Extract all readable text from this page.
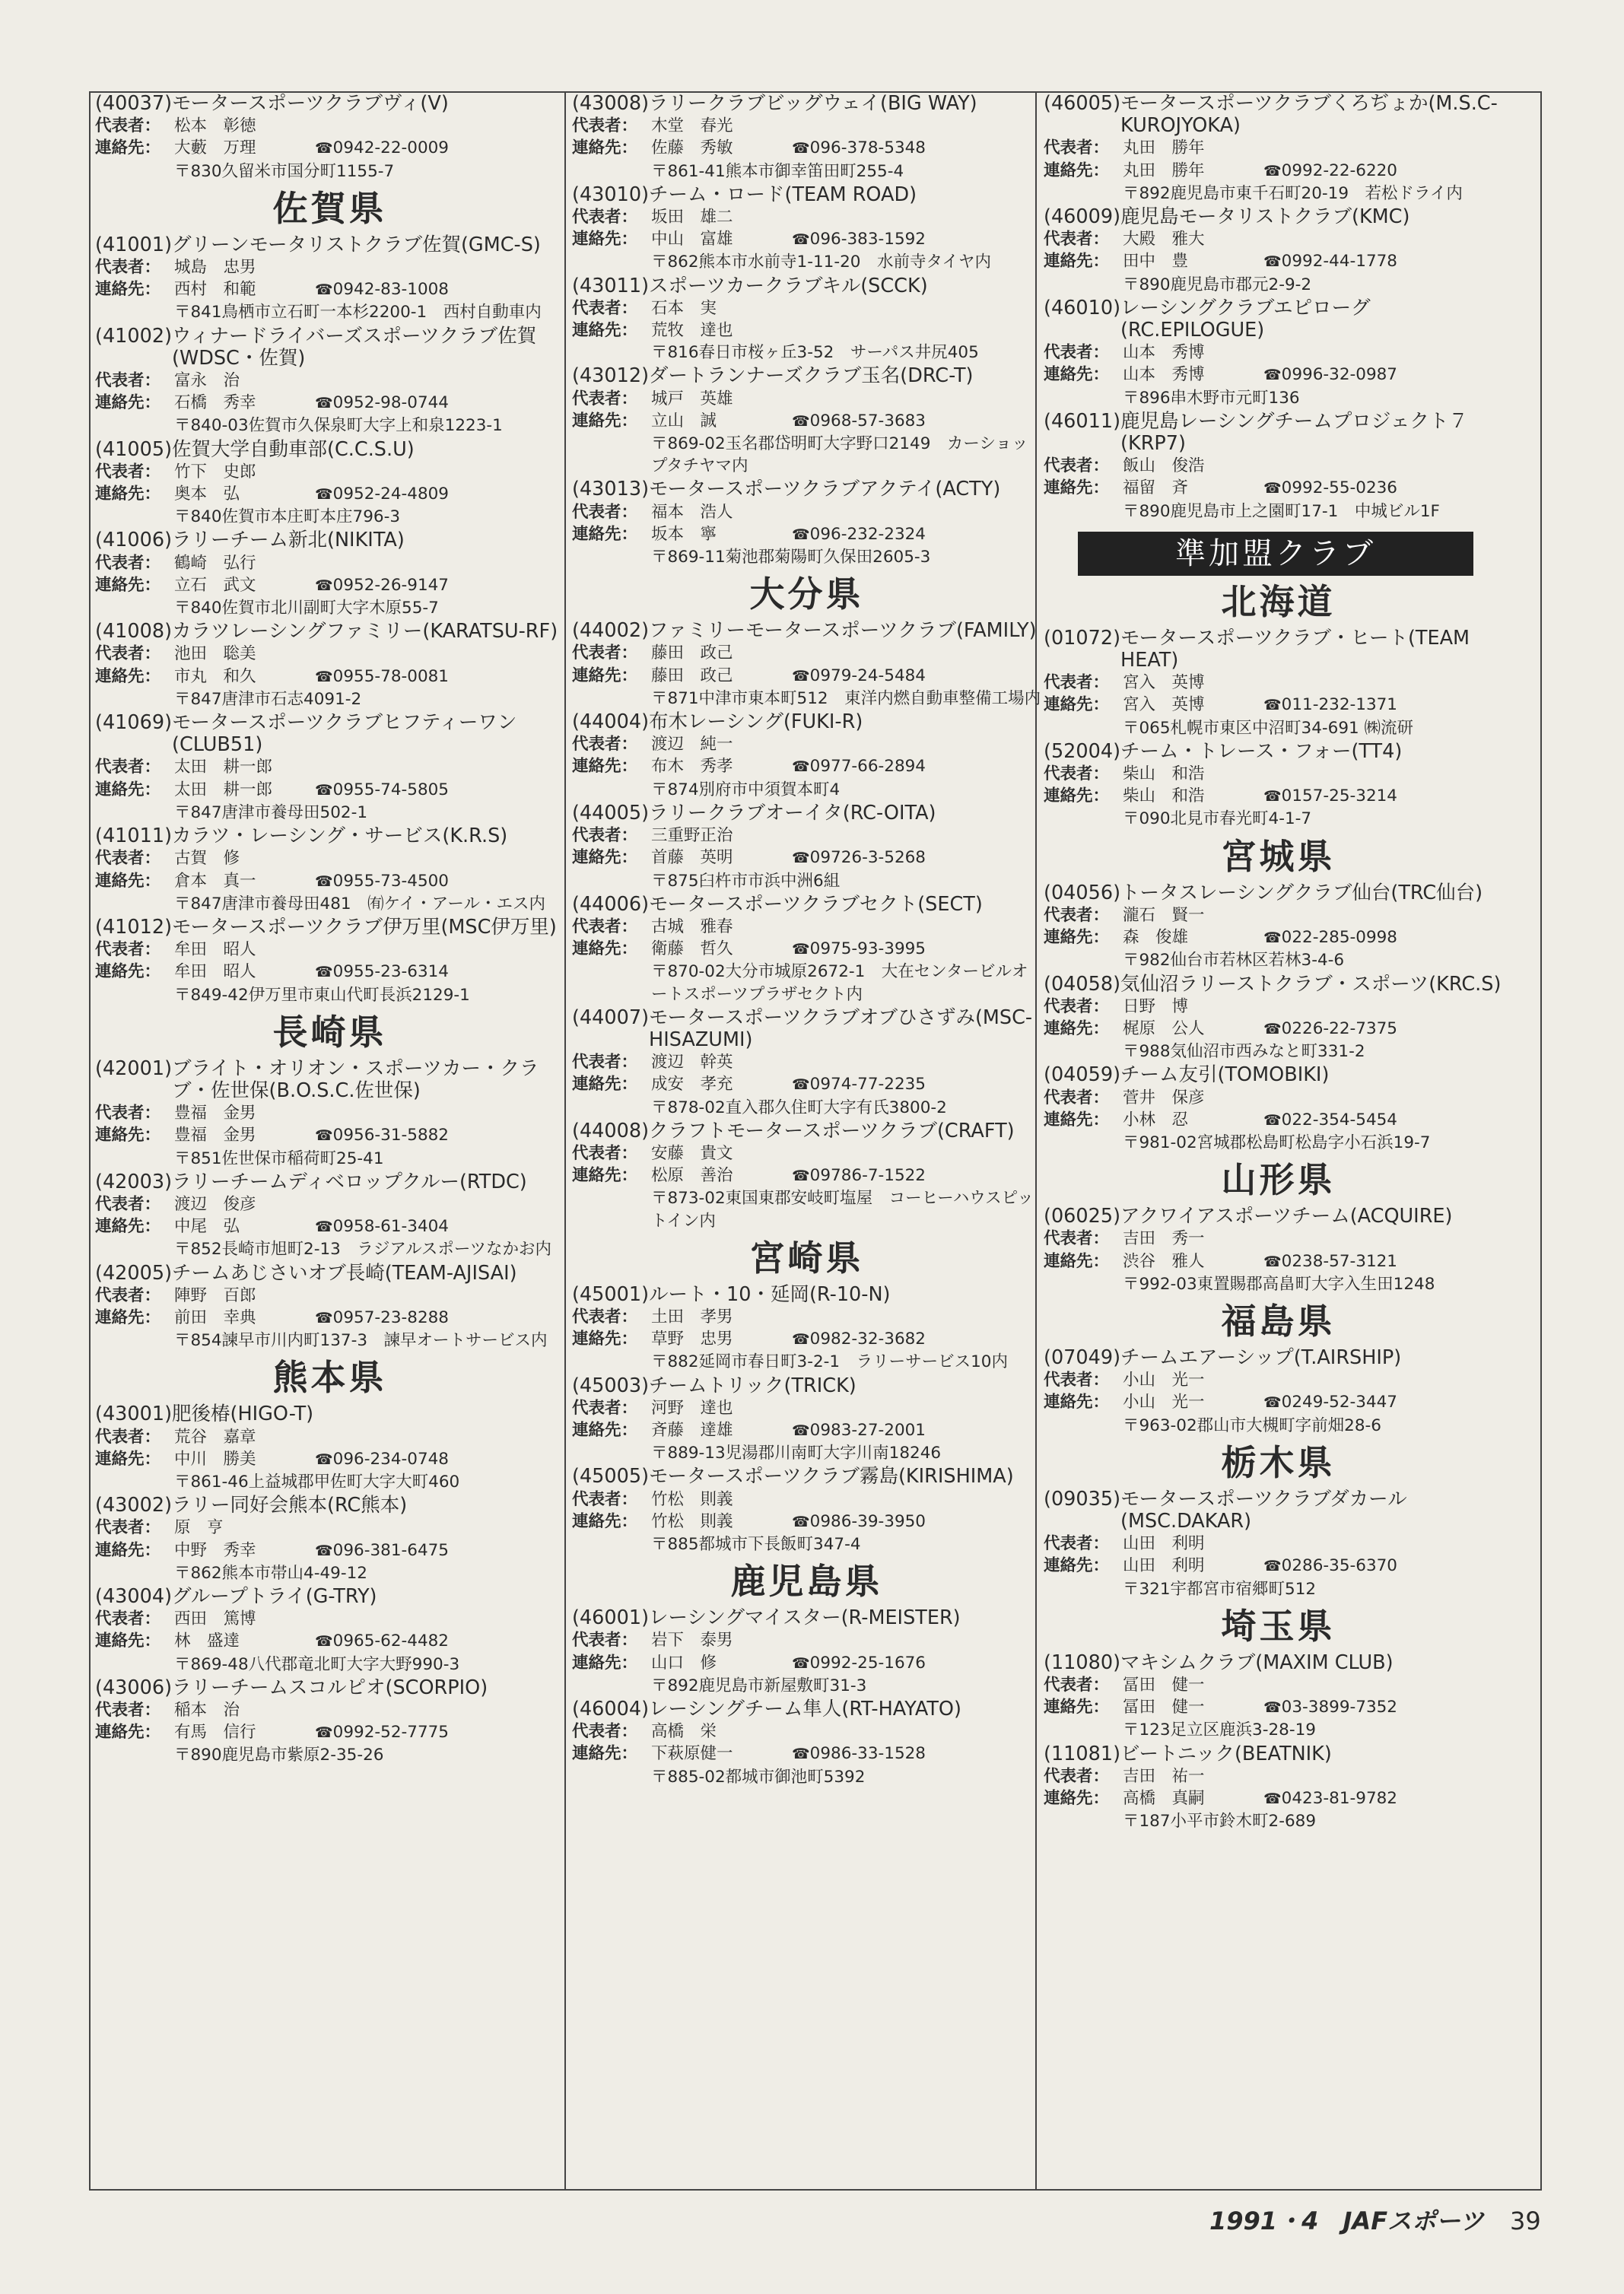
(40037) モータースポーツクラブヴィ(V)
代表者： 松本　彰徳
連絡先： 大藪　万理	☎ 0942-22-0009
〒830久留米市国分町1155-7
佐賀県
(41001) グリーンモータリストクラブ佐賀(GMC-S)
代表者： 城島　忠男
連絡先： 西村　和範	☎ 0942-83-1008
〒841鳥栖市立石町一本杉2200-1　西村自動車内
(41002) ウィナードライバーズスポーツクラブ佐賀(WDSC・佐賀)
代表者： 富永　治
連絡先： 石橋　秀幸	☎ 0952-98-0744
〒840-03佐賀市久保泉町大字上和泉1223-1
(41005) 佐賀大学自動車部(C.C.S.U)
代表者： 竹下　史郎
連絡先： 奥本　弘	☎ 0952-24-4809
〒840佐賀市本庄町本庄796-3
(41006) ラリーチーム新北(NIKITA)
代表者： 鶴崎　弘行
連絡先： 立石　武文	☎ 0952-26-9147
〒840佐賀市北川副町大字木原55-7
(41008) カラツレーシングファミリー(KARATSU-RF)
代表者： 池田　聡美
連絡先： 市丸　和久	☎ 0955-78-0081
〒847唐津市石志4091-2
(41069) モータースポーツクラブヒフティーワン(CLUB51)
代表者： 太田　耕一郎
連絡先： 太田　耕一郎	☎ 0955-74-5805
〒847唐津市養母田502-1
(41011) カラツ・レーシング・サービス(K.R.S)
代表者： 古賀　修
連絡先： 倉本　真一	☎ 0955-73-4500
〒847唐津市養母田481　㈲ケイ・アール・エス内
(41012) モータースポーツクラブ伊万里(MSC伊万里)
代表者： 牟田　昭人
連絡先： 牟田　昭人	☎ 0955-23-6314
〒849-42伊万里市東山代町長浜2129-1
長崎県
(42001) ブライト・オリオン・スポーツカー・クラブ・佐世保(B.O.S.C.佐世保)
代表者： 豊福　金男
連絡先： 豊福　金男	☎ 0956-31-5882
〒851佐世保市稲荷町25-41
(42003) ラリーチームディベロップクルー(RTDC)
代表者： 渡辺　俊彦
連絡先： 中尾　弘	☎ 0958-61-3404
〒852長崎市旭町2-13　ラジアルスポーツなかお内
(42005) チームあじさいオブ長崎(TEAM-AJISAI)
代表者： 陣野　百郎
連絡先： 前田　幸典	☎ 0957-23-8288
〒854諫早市川内町137-3　諫早オートサービス内
熊本県
(43001) 肥後椿(HIGO-T)
代表者： 荒谷　嘉章
連絡先： 中川　勝美	☎ 096-234-0748
〒861-46上益城郡甲佐町大字大町460
(43002) ラリー同好会熊本(RC熊本)
代表者： 原　亨
連絡先： 中野　秀幸	☎ 096-381-6475
〒862熊本市帯山4-49-12
(43004) グループトライ(G-TRY)
代表者： 西田　篤博
連絡先： 林　盛達	☎ 0965-62-4482
〒869-48八代郡竜北町大字大野990-3
(43006) ラリーチームスコルピオ(SCORPIO)
代表者： 稲本　治
連絡先： 有馬　信行	☎ 0992-52-7775
〒890鹿児島市紫原2-35-26
(43008) ラリークラブビッグウェイ(BIG WAY)
代表者： 木堂　春光
連絡先： 佐藤　秀敏	☎ 096-378-5348
〒861-41熊本市御幸笛田町255-4
(43010) チーム・ロード(TEAM ROAD)
代表者： 坂田　雄二
連絡先： 中山　富雄	☎ 096-383-1592
〒862熊本市水前寺1-11-20　水前寺タイヤ内
(43011) スポーツカークラブキル(SCCK)
代表者： 石本　実
連絡先： 荒牧　達也
〒816春日市桜ヶ丘3-52　サーパス井尻405
(43012) ダートランナーズクラブ玉名(DRC-T)
代表者： 城戸　英雄
連絡先： 立山　誠	☎ 0968-57-3683
〒869-02玉名郡岱明町大字野口2149　カーショップタチヤマ内
(43013) モータースポーツクラブアクテイ(ACTY)
代表者： 福本　浩人
連絡先： 坂本　寧	☎ 096-232-2324
〒869-11菊池郡菊陽町久保田2605-3
大分県
(44002) ファミリーモータースポーツクラブ(FAMILY)
代表者： 藤田　政己
連絡先： 藤田　政己	☎ 0979-24-5484
〒871中津市東本町512　東洋内燃自動車整備工場内
(44004) 布木レーシング(FUKI-R)
代表者： 渡辺　純一
連絡先： 布木　秀孝	☎ 0977-66-2894
〒874別府市中須賀本町4
(44005) ラリークラブオーイタ(RC-OITA)
代表者： 三重野正治
連絡先： 首藤　英明	☎ 09726-3-5268
〒875臼杵市市浜中洲6組
(44006) モータースポーツクラブセクト(SECT)
代表者： 古城　雅春
連絡先： 衛藤　哲久	☎ 0975-93-3995
〒870-02大分市城原2672-1　大在センタービルオートスポーツプラザセクト内
(44007) モータースポーツクラブオブひさずみ(MSC-HISAZUMI)
代表者： 渡辺　幹英
連絡先： 成安　孝充	☎ 0974-77-2235
〒878-02直入郡久住町大字有氏3800-2
(44008) クラフトモータースポーツクラブ(CRAFT)
代表者： 安藤　貴文
連絡先： 松原　善治	☎ 09786-7-1522
〒873-02東国東郡安岐町塩屋　コーヒーハウスピットイン内
宮崎県
(45001) ルート・10・延岡(R-10-N)
代表者： 土田　孝男
連絡先： 草野　忠男	☎ 0982-32-3682
〒882延岡市春日町3-2-1　ラリーサービス10内
(45003) チームトリック(TRICK)
代表者： 河野　達也
連絡先： 斉藤　達雄	☎ 0983-27-2001
〒889-13児湯郡川南町大字川南18246
(45005) モータースポーツクラブ霧島(KIRISHIMA)
代表者： 竹松　則義
連絡先： 竹松　則義	☎ 0986-39-3950
〒885都城市下長飯町347-4
鹿児島県
(46001) レーシングマイスター(R-MEISTER)
代表者： 岩下　泰男
連絡先： 山口　修	☎ 0992-25-1676
〒892鹿児島市新屋敷町31-3
(46004) レーシングチーム隼人(RT-HAYATO)
代表者： 高橋　栄
連絡先： 下萩原健一	☎ 0986-33-1528
〒885-02都城市御池町5392
(46005) モータースポーツクラブくろぢょか(M.S.C-KUROJYOKA)
代表者： 丸田　勝年
連絡先： 丸田　勝年	☎ 0992-22-6220
〒892鹿児島市東千石町20-19　若松ドライ内
(46009) 鹿児島モータリストクラブ(KMC)
代表者： 大殿　雅大
連絡先： 田中　豊	☎ 0992-44-1778
〒890鹿児島市郡元2-9-2
(46010) レーシングクラブエピローグ(RC.EPILOGUE)
代表者： 山本　秀博
連絡先： 山本　秀博	☎ 0996-32-0987
〒896串木野市元町136
(46011) 鹿児島レーシングチームプロジェクト７(KRP7)
代表者： 飯山　俊浩
連絡先： 福留　斉	☎ 0992-55-0236
〒890鹿児島市上之園町17-1　中城ビル1F
準加盟クラブ
北海道
(01072) モータースポーツクラブ・ヒート(TEAM HEAT)
代表者： 宮入　英博
連絡先： 宮入　英博	☎ 011-232-1371
〒065札幌市東区中沼町34-691 ㈱流研
(52004) チーム・トレース・フォー(TT4)
代表者： 柴山　和浩
連絡先： 柴山　和浩	☎ 0157-25-3214
〒090北見市春光町4-1-7
宮城県
(04056) トータスレーシングクラブ仙台(TRC仙台)
代表者： 瀧石　賢一
連絡先： 森　俊雄	☎ 022-285-0998
〒982仙台市若林区若林3-4-6
(04058) 気仙沼ラリーストクラブ・スポーツ(KRC.S)
代表者： 日野　博
連絡先： 梶原　公人	☎ 0226-22-7375
〒988気仙沼市西みなと町331-2
(04059) チーム友引(TOMOBIKI)
代表者： 菅井　保彦
連絡先： 小林　忍	☎ 022-354-5454
〒981-02宮城郡松島町松島字小石浜19-7
山形県
(06025) アクワイアスポーツチーム(ACQUIRE)
代表者： 吉田　秀一
連絡先： 渋谷　雅人	☎ 0238-57-3121
〒992-03東置賜郡高畠町大字入生田1248
福島県
(07049) チームエアーシップ(T.AIRSHIP)
代表者： 小山　光一
連絡先： 小山　光一	☎ 0249-52-3447
〒963-02郡山市大槻町字前畑28-6
栃木県
(09035) モータースポーツクラブダカール(MSC.DAKAR)
代表者： 山田　利明
連絡先： 山田　利明	☎ 0286-35-6370
〒321宇都宮市宿郷町512
埼玉県
(11080) マキシムクラブ(MAXIM CLUB)
代表者： 冨田　健一
連絡先： 冨田　健一	☎ 03-3899-7352
〒123足立区鹿浜3-28-19
(11081) ビートニック(BEATNIK)
代表者： 吉田　祐一
連絡先： 高橋　真嗣	☎ 0423-81-9782
〒187小平市鈴木町2-689
1991・4 JAFスポーツ 39
